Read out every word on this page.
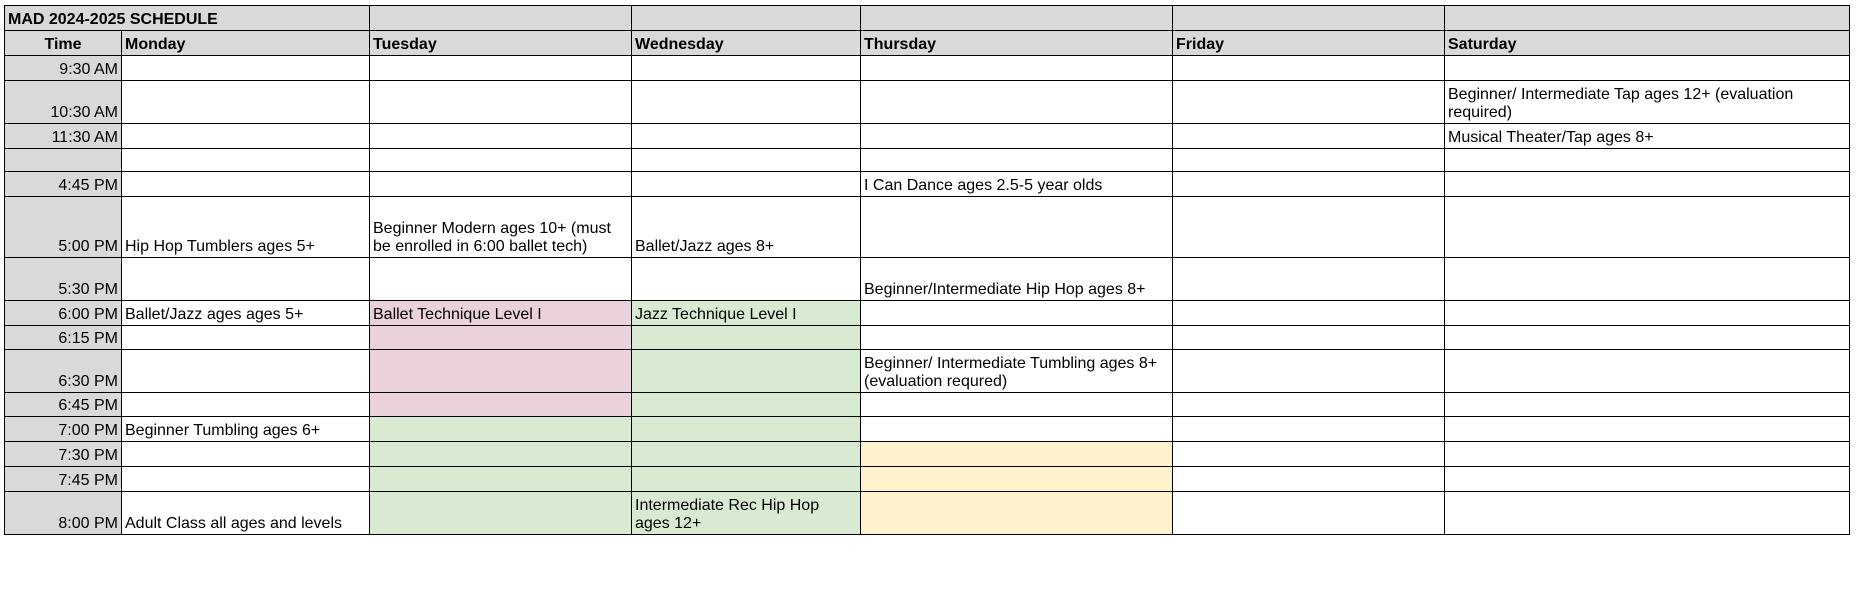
MAD 2024-2025 SCHEDULE						
Time	Monday	Tuesday	Wednesday	Thursday	Friday	Saturday
9:30 AM						
10:30 AM						Beginner/ Intermediate Tap ages 12+ (evaluation required)
11:30 AM						Musical Theater/Tap ages 8+

4:45 PM				I Can Dance ages 2.5-5 year olds		
5:00 PM	Hip Hop Tumblers ages 5+	Beginner Modern ages 10+ (must be enrolled in 6:00 ballet tech)	Ballet/Jazz ages 8+			
5:30 PM				Beginner/Intermediate Hip Hop ages 8+		
6:00 PM	Ballet/Jazz ages ages 5+	Ballet Technique Level I	Jazz Technique Level I			
6:15 PM						
6:30 PM				Beginner/ Intermediate Tumbling ages 8+ (evaluation requred)		
6:45 PM						
7:00 PM	Beginner Tumbling ages 6+					
7:30 PM						
7:45 PM						
8:00 PM	Adult Class all ages and levels		Intermediate Rec Hip Hop ages 12+			
